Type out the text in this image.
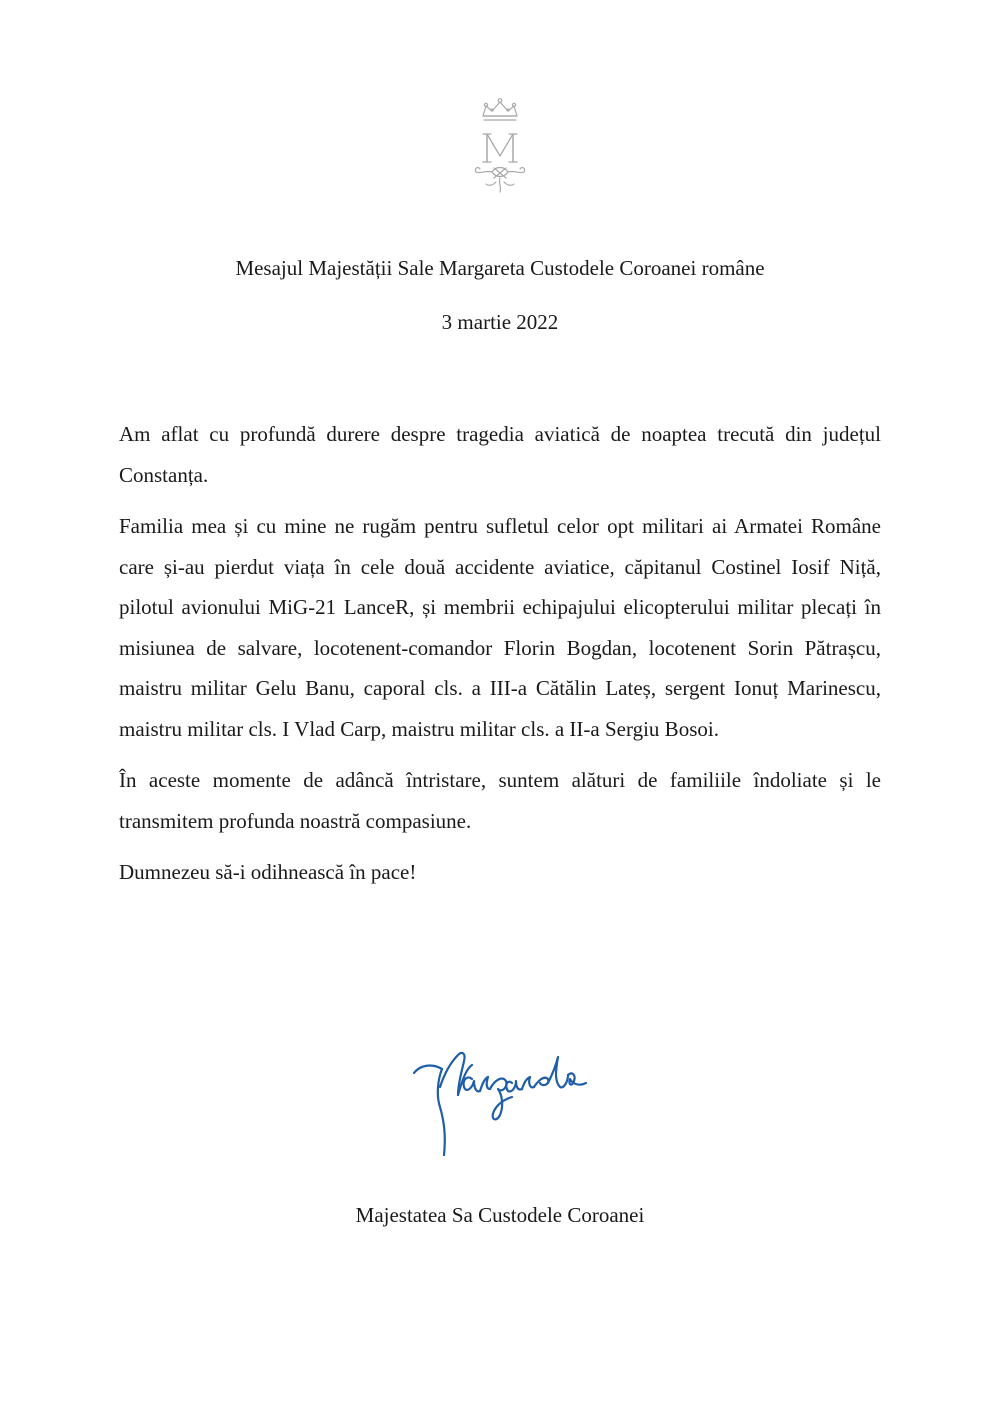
Mesajul Majestății Sale Margareta Custodele Coroanei române
3 martie 2022

Am aflat cu profundă durere despre tragedia aviatică de noaptea trecută din județul Constanța.

Familia mea și cu mine ne rugăm pentru sufletul celor opt militari ai Armatei Române care și-au pierdut viața în cele două accidente aviatice, căpitanul Costinel Iosif Niță, pilotul avionului MiG-21 LanceR, și membrii echipajului elicopterului militar plecați în misiunea de salvare, locotenent-comandor Florin Bogdan, locotenent Sorin Pătrașcu, maistru militar Gelu Banu, caporal cls. a III-a Cătălin Lateș, sergent Ionuț Marinescu, maistru militar cls. I Vlad Carp, maistru militar cls. a II-a Sergiu Bosoi.

În aceste momente de adâncă întristare, suntem alături de familiile îndoliate și le transmitem profunda noastră compasiune.

Dumnezeu să-i odihnească în pace!

Majestatea Sa Custodele Coroanei
